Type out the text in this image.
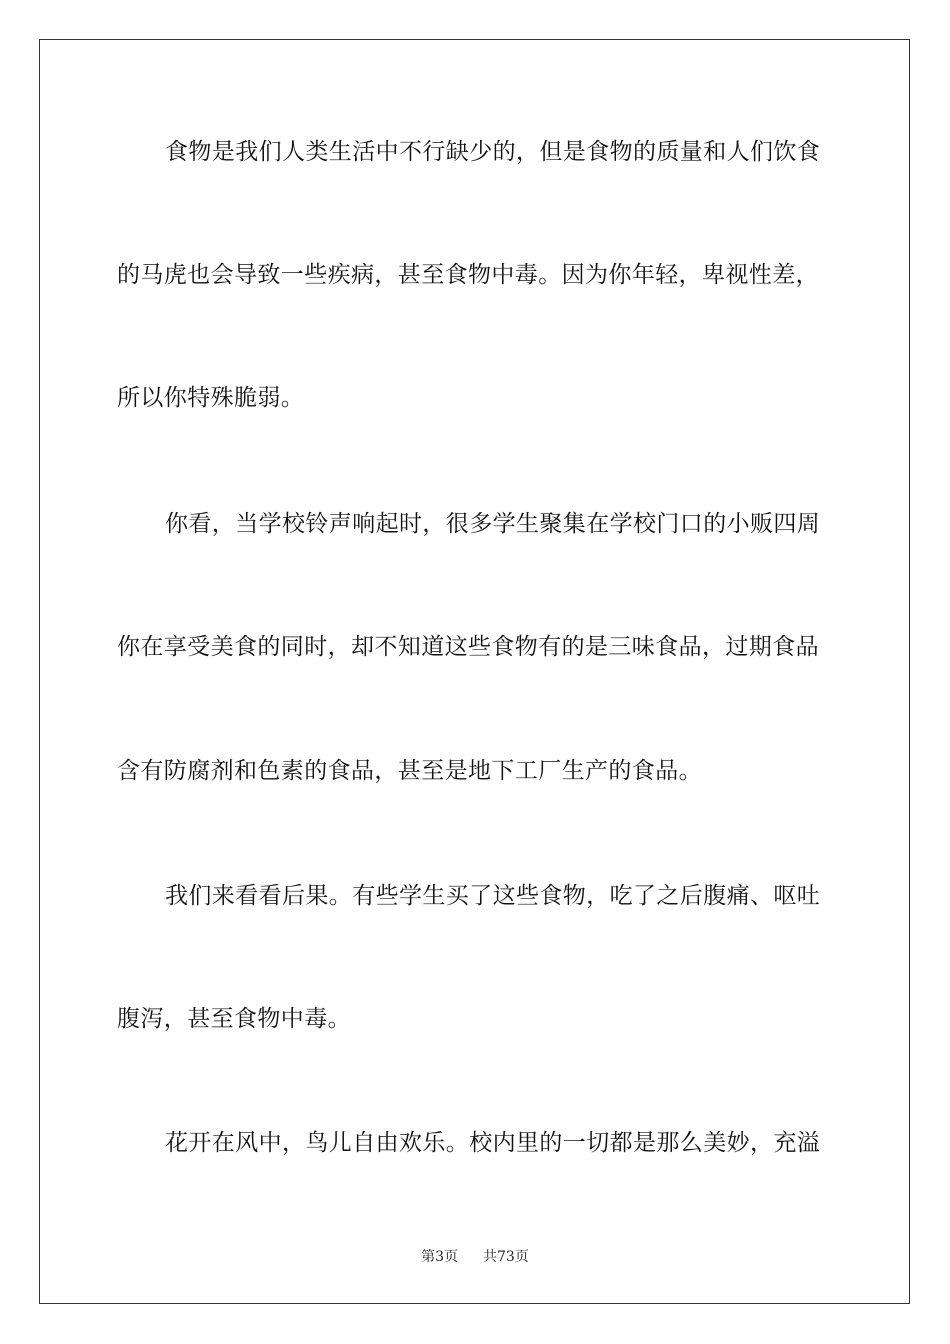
食物是我们人类生活中不行缺少的，但是食物的质量和人们饮食
的马虎也会导致一些疾病，甚至食物中毒。因为你年轻，卑视性差，
所以你特殊脆弱。
你看，当学校铃声响起时，很多学生聚集在学校门口的小贩四周
你在享受美食的同时，却不知道这些食物有的是三味食品，过期食品
含有防腐剂和色素的食品，甚至是地下工厂生产的食品。
我们来看看后果。有些学生买了这些食物，吃了之后腹痛、呕吐
腹泻，甚至食物中毒。
花开在风中，鸟儿自由欢乐。校内里的一切都是那么美妙，充溢
第3页 共73页
